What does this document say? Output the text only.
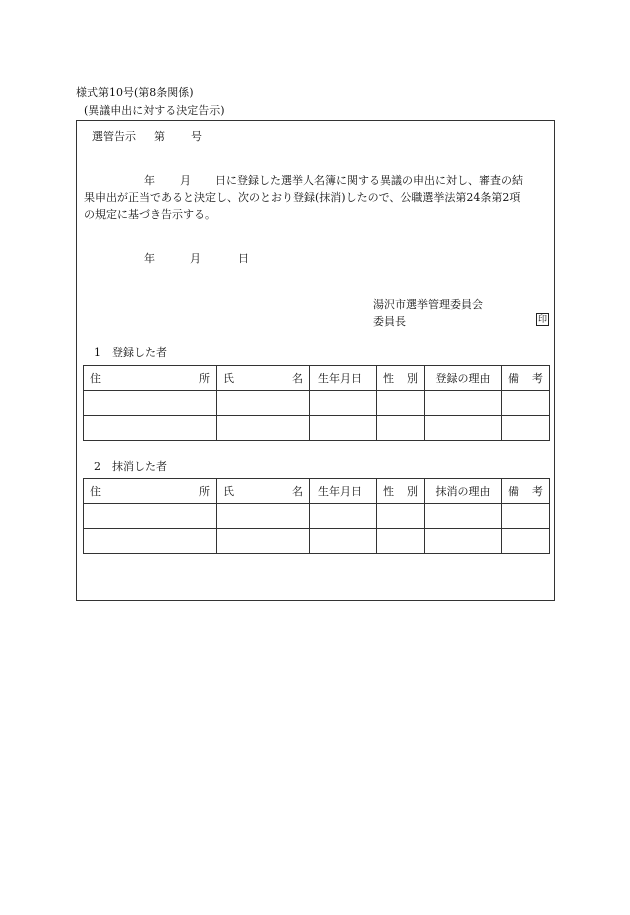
様式第10号(第8条関係)
(異議申出に対する決定告示)
選管告示 第 号
年 月 日に登録した選挙人名簿に関する異議の申出に対し、審査の結
果申出が正当であると決定し、次のとおり登録(抹消)したので、公職選挙法第24条第2項
の規定に基づき告示する。
年	月	日
湯沢市選挙管理委員会
委員長	印
1　登録した者
住 所	氏 名	生年月日	性 別	登録の理由	備 考

2　抹消した者
住 所	氏 名	生年月日	性 別	抹消の理由	備 考
